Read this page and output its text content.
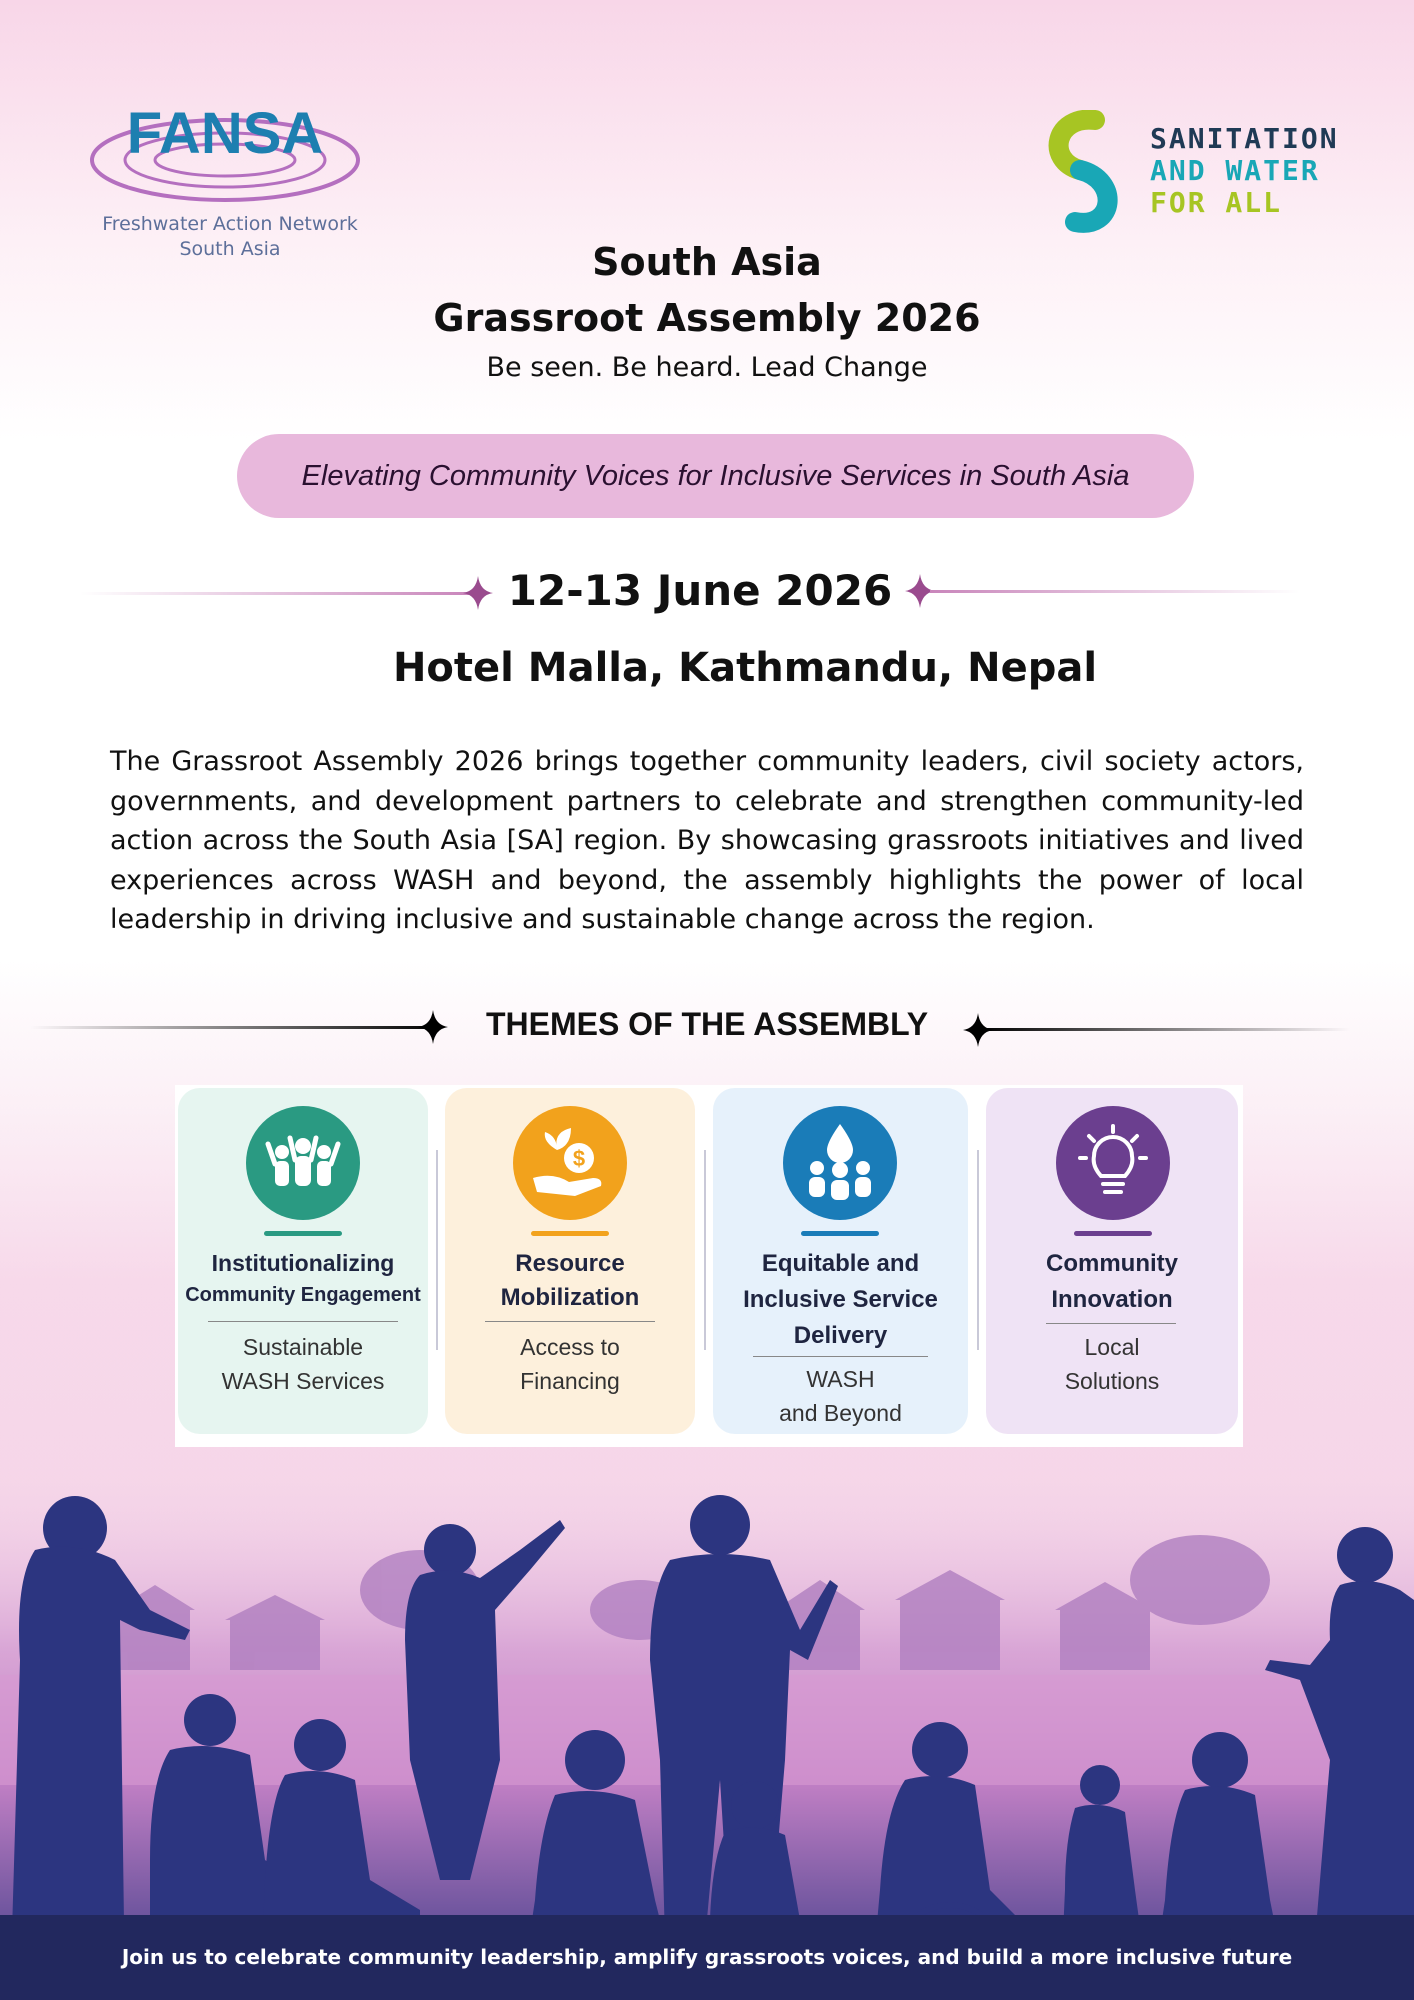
FANSA
Freshwater Action Network
South Asia
SANITATION
AND WATER
FOR ALL
South Asia
Grassroot Assembly 2026
Be seen. Be heard. Lead Change
Elevating Community Voices for Inclusive Services in South Asia
12-13 June 2026
Hotel Malla, Kathmandu, Nepal

The Grassroot Assembly 2026 brings together community leaders, civil society actors, governments, and development partners to celebrate and strengthen community-led action across the South Asia [SA] region. By showcasing grassroots initiatives and lived experiences across WASH and beyond, the assembly highlights the power of local leadership in driving inclusive and sustainable change across the region.

THEMES OF THE ASSEMBLY
Institutionalizing
Community Engagement
Sustainable
WASH Services
$
Resource
Mobilization
Access to
Financing
Equitable and
Inclusive Service
Delivery
WASH
and Beyond
Community
Innovation
Local
Solutions
Join us to celebrate community leadership, amplify grassroots voices, and build a more inclusive future
